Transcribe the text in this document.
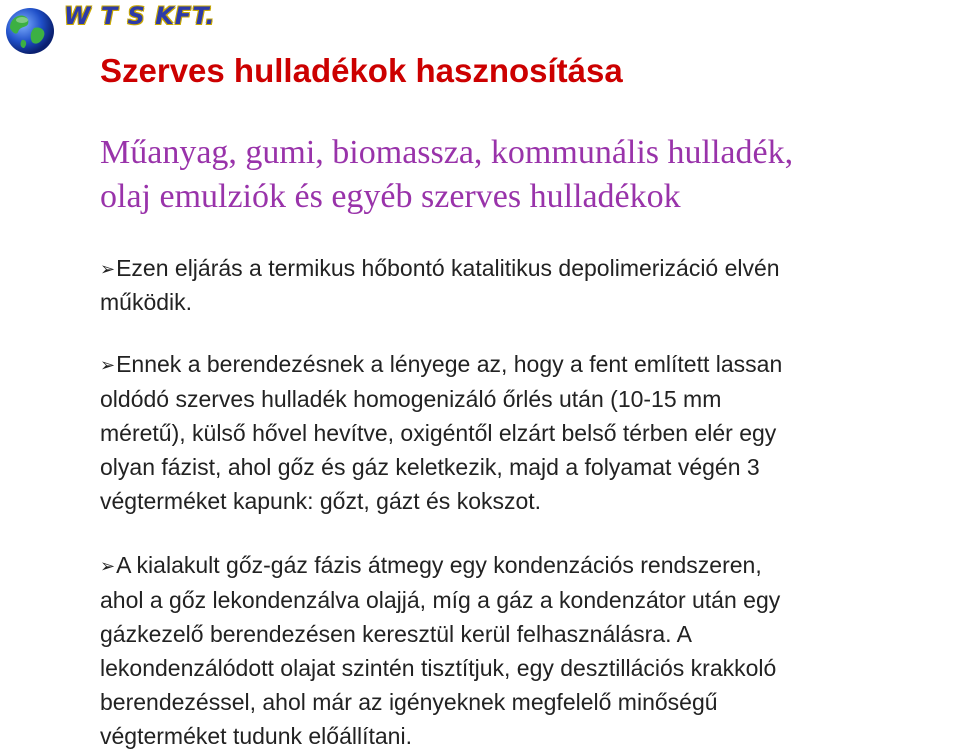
W T S KFT.
Szerves hulladékok hasznosítása
Műanyag, gumi, biomassza, kommunális hulladék,
olaj emulziók és egyéb szerves hulladékok
➢Ezen eljárás a termikus hőbontó katalitikus depolimerizáció elvén
működik.
➢Ennek a berendezésnek a lényege az, hogy a fent említett lassan
oldódó szerves hulladék homogenizáló őrlés után (10-15 mm
méretű), külső hővel hevítve, oxigéntől elzárt belső térben elér egy
olyan fázist, ahol gőz és gáz keletkezik, majd a folyamat végén 3
végterméket kapunk: gőzt, gázt és kokszot.
➢A kialakult gőz-gáz fázis átmegy egy kondenzációs rendszeren,
ahol a gőz lekondenzálva olajjá, míg a gáz a kondenzátor után egy
gázkezelő berendezésen keresztül kerül felhasználásra. A
lekondenzálódott olajat szintén tisztítjuk, egy desztillációs krakkoló
berendezéssel, ahol már az igényeknek megfelelő minőségű
végterméket tudunk előállítani.
